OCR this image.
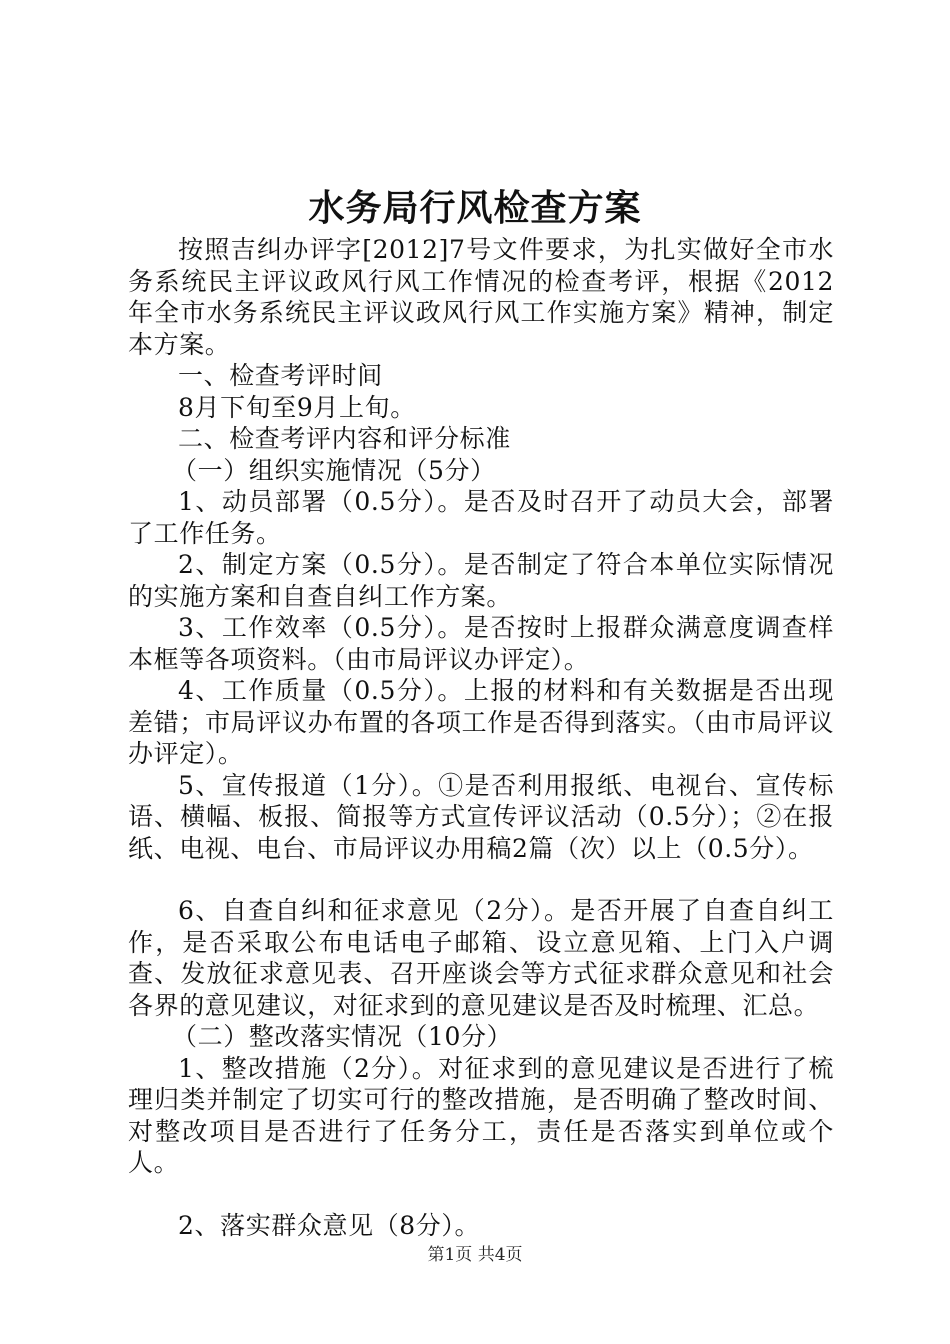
水务局行风检查方案

按照吉纠办评字[2012]7号文件要求，为扎实做好全市水务系统民主评议政风行风工作情况的检查考评，根据《2012年全市水务系统民主评议政风行风工作实施方案》精神，制定本方案。

一、检查考评时间

8月下旬至9月上旬。

二、检查考评内容和评分标准

（一）组织实施情况（5分）

1、动员部署（0.5分）。是否及时召开了动员大会，部署了工作任务。

2、制定方案（0.5分）。是否制定了符合本单位实际情况的实施方案和自查自纠工作方案。

3、工作效率（0.5分）。是否按时上报群众满意度调查样本框等各项资料。（由市局评议办评定）。

4、工作质量（0.5分）。上报的材料和有关数据是否出现差错；市局评议办布置的各项工作是否得到落实。（由市局评议办评定）。

5、宣传报道（1分）。①是否利用报纸、电视台、宣传标语、横幅、板报、简报等方式宣传评议活动（0.5分）；②在报纸、电视、电台、市局评议办用稿2篇（次）以上（0.5分）。

6、自查自纠和征求意见（2分）。是否开展了自查自纠工作，是否采取公布电话电子邮箱、设立意见箱、上门入户调查、发放征求意见表、召开座谈会等方式征求群众意见和社会各界的意见建议，对征求到的意见建议是否及时梳理、汇总。

（二）整改落实情况（10分）

1、整改措施（2分）。对征求到的意见建议是否进行了梳理归类并制定了切实可行的整改措施，是否明确了整改时间、对整改项目是否进行了任务分工，责任是否落实到单位或个人。

2、落实群众意见（8分）。

第1页 共4页
